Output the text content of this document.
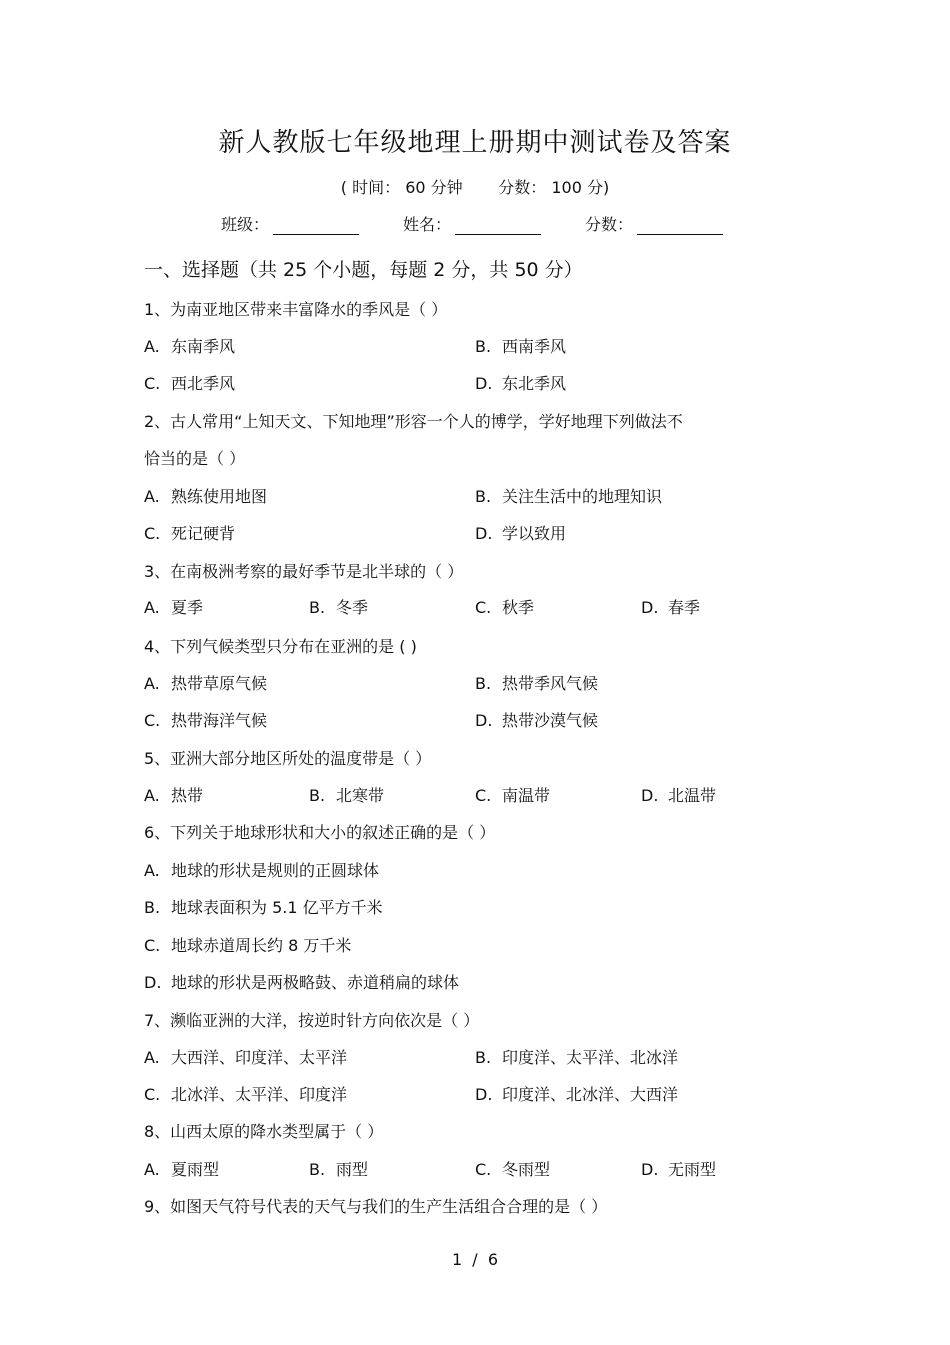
新人教版七年级地理上册期中测试卷及答案
( 时间： 60 分钟       分数： 100 分)
班级：	姓名：	分数：
一、选择题（共 25 个小题，每题 2 分，共 50 分）
1、为南亚地区带来丰富降水的季风是（ ）
A. 东南季风	B. 西南季风
C. 西北季风	D. 东北季风
2、古人常用“上知天文、下知地理”形容一个人的博学，学好地理下列做法不
恰当的是（ ）
A. 熟练使用地图	B. 关注生活中的地理知识
C. 死记硬背	D. 学以致用
3、在南极洲考察的最好季节是北半球的（ ）
A. 夏季	B. 冬季	C. 秋季	D. 春季
4、下列气候类型只分布在亚洲的是 ( )
A. 热带草原气候	B. 热带季风气候
C. 热带海洋气候	D. 热带沙漠气候
5、亚洲大部分地区所处的温度带是（ ）
A. 热带	B. 北寒带	C. 南温带	D. 北温带
6、下列关于地球形状和大小的叙述正确的是（ ）
A. 地球的形状是规则的正圆球体
B. 地球表面积为 5.1 亿平方千米
C. 地球赤道周长约 8 万千米
D. 地球的形状是两极略鼓、赤道稍扁的球体
7、濒临亚洲的大洋，按逆时针方向依次是（ ）
A. 大西洋、印度洋、太平洋	B. 印度洋、太平洋、北冰洋
C. 北冰洋、太平洋、印度洋	D. 印度洋、北冰洋、大西洋
8、山西太原的降水类型属于（ ）
A. 夏雨型	B. 雨型	C. 冬雨型	D. 无雨型
9、如图天气符号代表的天气与我们的生产生活组合合理的是（ ）
1  /  6
